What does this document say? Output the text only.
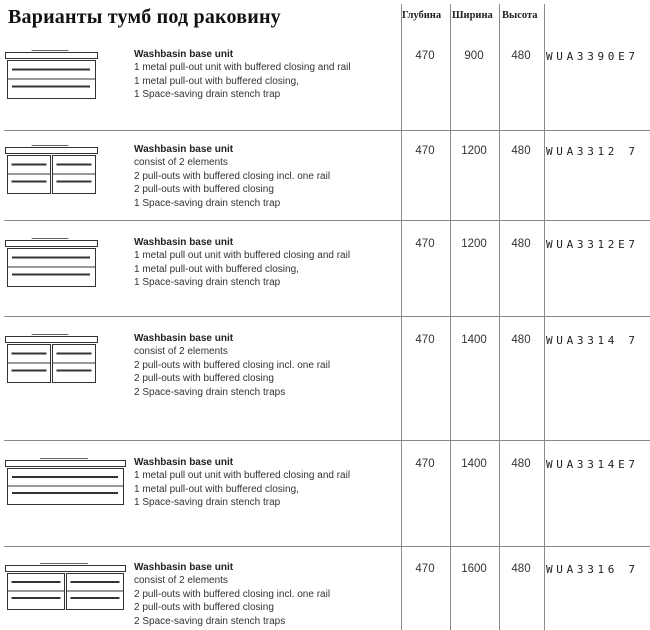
Варианты тумб под раковину	Глубина Ширина Высота
Washbasin base unit
1 metal pull-out unit with buffered closing and rail
1 metal pull-out with buffered closing,
1 Space-saving drain stench trap
470	900	480	W U A 3 3 9 0 E 7
Washbasin base unit
consist of 2 elements
2 pull-outs with buffered closing incl. one rail
2 pull-outs with buffered closing
1 Space-saving drain stench trap
470	1200	480	W U A 3 3 1 2 7
Washbasin base unit
1 metal pull out unit with buffered closing and rail
1 metal pull-out with buffered closing,
1 Space-saving drain stench trap
470	1200	480	W U A 3 3 1 2 E 7
Washbasin base unit
consist of 2 elements
2 pull-outs with buffered closing incl. one rail
2 pull-outs with buffered closing
2 Space-saving drain stench traps
470	1400	480	W U A 3 3 1 4 7
Washbasin base unit
1 metal pull out unit with buffered closing and rail
1 metal pull-out with buffered closing,
1 Space-saving drain stench trap
470	1400	480	W U A 3 3 1 4 E 7
Washbasin base unit
consist of 2 elements
2 pull-outs with buffered closing incl. one rail
2 pull-outs with buffered closing
2 Space-saving drain stench traps
470	1600	480	W U A 3 3 1 6 7
